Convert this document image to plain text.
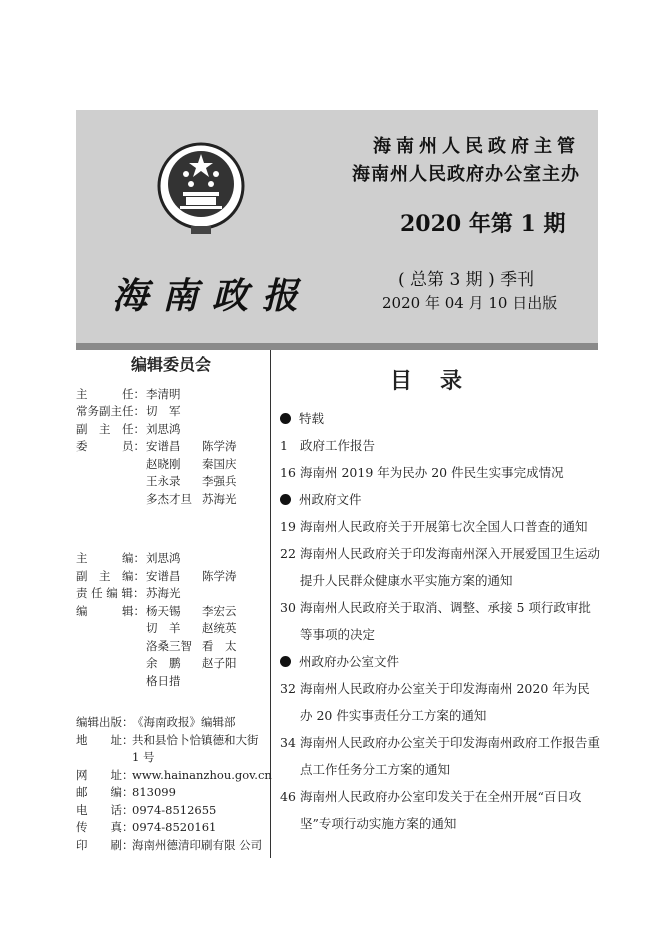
海南州人民政府主管
海南州人民政府办公室主办
2020 年第 1 期
海南政报	( 总第 3 期 ) 季刊
2020 年 04 月 10 日出版
编辑委员会
主　　　任： 李清明
常务副主任： 切　军
副　主　任： 刘思鸿
委　　　员： 安谱昌	陈学涛
赵晓刚	秦国庆
王永录	李强兵
多杰才旦 苏海光
主　　　编： 刘思鸿
副　主　编： 安谱昌	陈学涛
责 任 编 辑： 苏海光
编　　　辑： 杨天锡	李宏云
切　羊	赵统英
洛桑三智 看　太
余　鹏	赵子阳
格日措
编辑出版：
《海南政报》编辑部
地　　址：
共和县恰卜恰镇德和大街 1 号
网　　址：
www.hainanzhou.gov.cn
邮　　编：
813099
电　　话：
0974-8512655
传　　真：
0974-8520161
印　　刷：
海南州德清印刷有限 公司
目录
特载
1 政府工作报告
16 海南州 2019 年为民办 20 件民生实事完成情况
州政府文件
19 海南州人民政府关于开展第七次全国人口普查的通知
22 海南州人民政府关于印发海南州深入开展爱国卫生运动提升人民群众健康水平实施方案的通知
30 海南州人民政府关于取消、调整、承接 5 项行政审批等事项的决定
州政府办公室文件
32 海南州人民政府办公室关于印发海南州 2020 年为民办 20 件实事责任分工方案的通知
34 海南州人民政府办公室关于印发海南州政府工作报告重点工作任务分工方案的通知
46 海南州人民政府办公室印发关于在全州开展“百日攻坚”专项行动实施方案的通知
